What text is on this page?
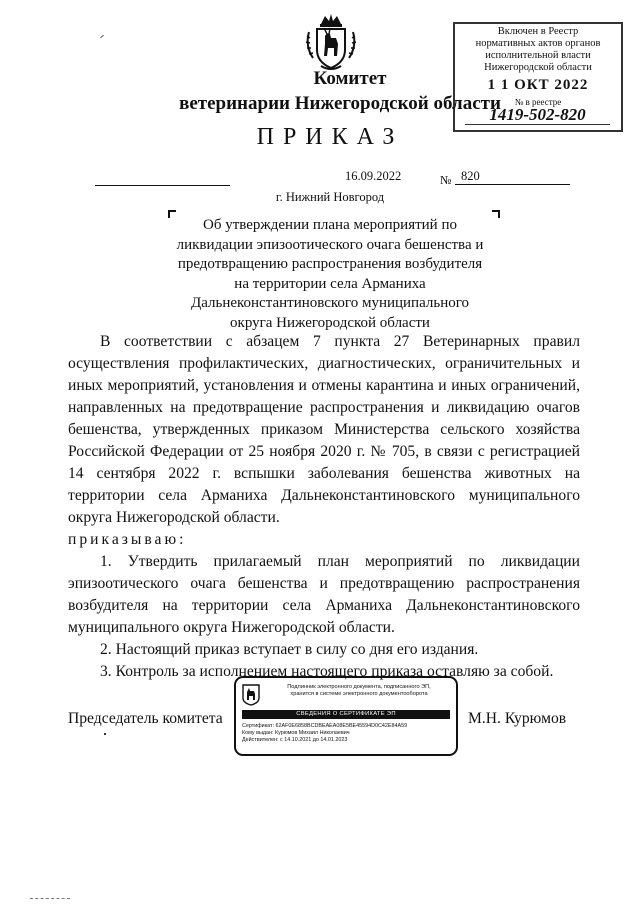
Включен в Реестр
нормативных актов органов
исполнительной власти
Нижегородской области
1 1 ОКТ 2022
№ в реестре
1419-502-820
Комитет
ветеринарии Нижегородской области
ПРИКАЗ
16.09.2022	№ 820
г. Нижний Новгород
Об утверждении плана мероприятий по ликвидации эпизоотического очага бешенства и предотвращению распространения возбудителя на территории села Арманиха Дальнеконстантиновского муниципального округа Нижегородской области

В соответствии с абзацем 7 пункта 27 Ветеринарных правил осуществления профилактических, диагностических, ограничительных и иных мероприятий, установления и отмены карантина и иных ограничений, направленных на предотвращение распространения и ликвидацию очагов бешенства, утвержденных приказом Министерства сельского хозяйства Российской Федерации от 25 ноября 2020 г. № 705, в связи с регистрацией 14 сентября 2022 г. вспышки заболевания бешенства животных на территории села Арманиха Дальнеконстантиновского муниципального округа Нижегородской области.

приказываю:

1. Утвердить прилагаемый план мероприятий по ликвидации эпизоотического очага бешенства и предотвращению распространения возбудителя на территории села Арманиха Дальнеконстантиновского муниципального округа Нижегородской области.

2. Настоящий приказ вступает в силу со дня его издания.

3. Контроль за исполнением настоящего приказа оставляю за собой.

Председатель комитета	М.Н. Курюмов
Подлинник электронного документа, подписанного ЭП,
хранится в системе электронного документооборота
СВЕДЕНИЯ О СЕРТИФИКАТЕ ЭП
Сертификат: 62AF0E6858BCDBEAEA08E5BE45594D0C42E84A59
Кому выдан: Курюмов Михаил Николаевич
Действителен: с 14.10.2021 до 14.01.2023
